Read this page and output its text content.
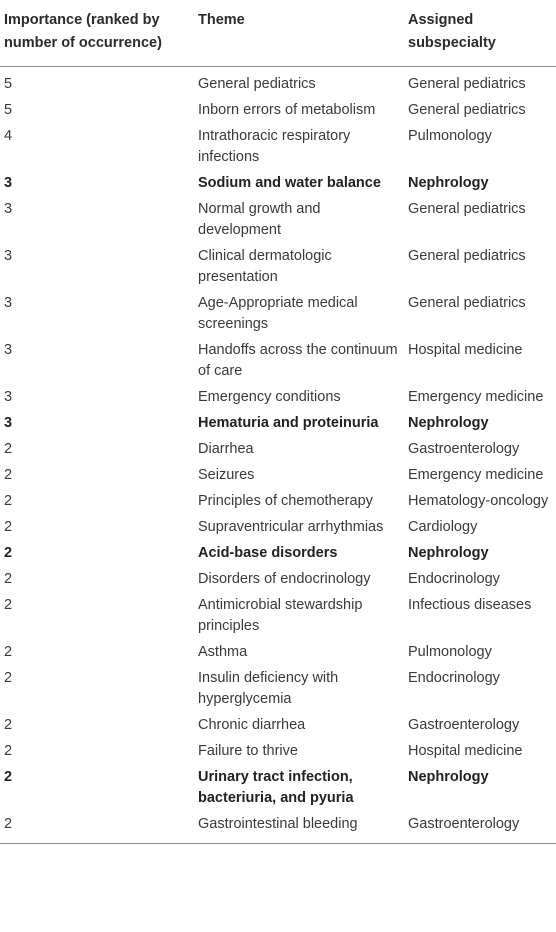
Importance (ranked by number of occurrence)	Theme	Assigned subspecialty
5	General pediatrics	General pediatrics
5	Inborn errors of metabolism	General pediatrics
4	Intrathoracic respiratory infections	Pulmonology
3	Sodium and water balance	Nephrology
3	Normal growth and development	General pediatrics
3	Clinical dermatologic presentation	General pediatrics
3	Age-Appropriate medical screenings	General pediatrics
3	Handoffs across the continuum of care	Hospital medicine
3	Emergency conditions	Emergency medicine
3	Hematuria and proteinuria	Nephrology
2	Diarrhea	Gastroenterology
2	Seizures	Emergency medicine
2	Principles of chemotherapy	Hematology-oncology
2	Supraventricular arrhythmias	Cardiology
2	Acid-base disorders	Nephrology
2	Disorders of endocrinology	Endocrinology
2	Antimicrobial stewardship principles	Infectious diseases
2	Asthma	Pulmonology
2	Insulin deficiency with hyperglycemia	Endocrinology
2	Chronic diarrhea	Gastroenterology
2	Failure to thrive	Hospital medicine
2	Urinary tract infection, bacteriuria, and pyuria	Nephrology
2	Gastrointestinal bleeding	Gastroenterology
